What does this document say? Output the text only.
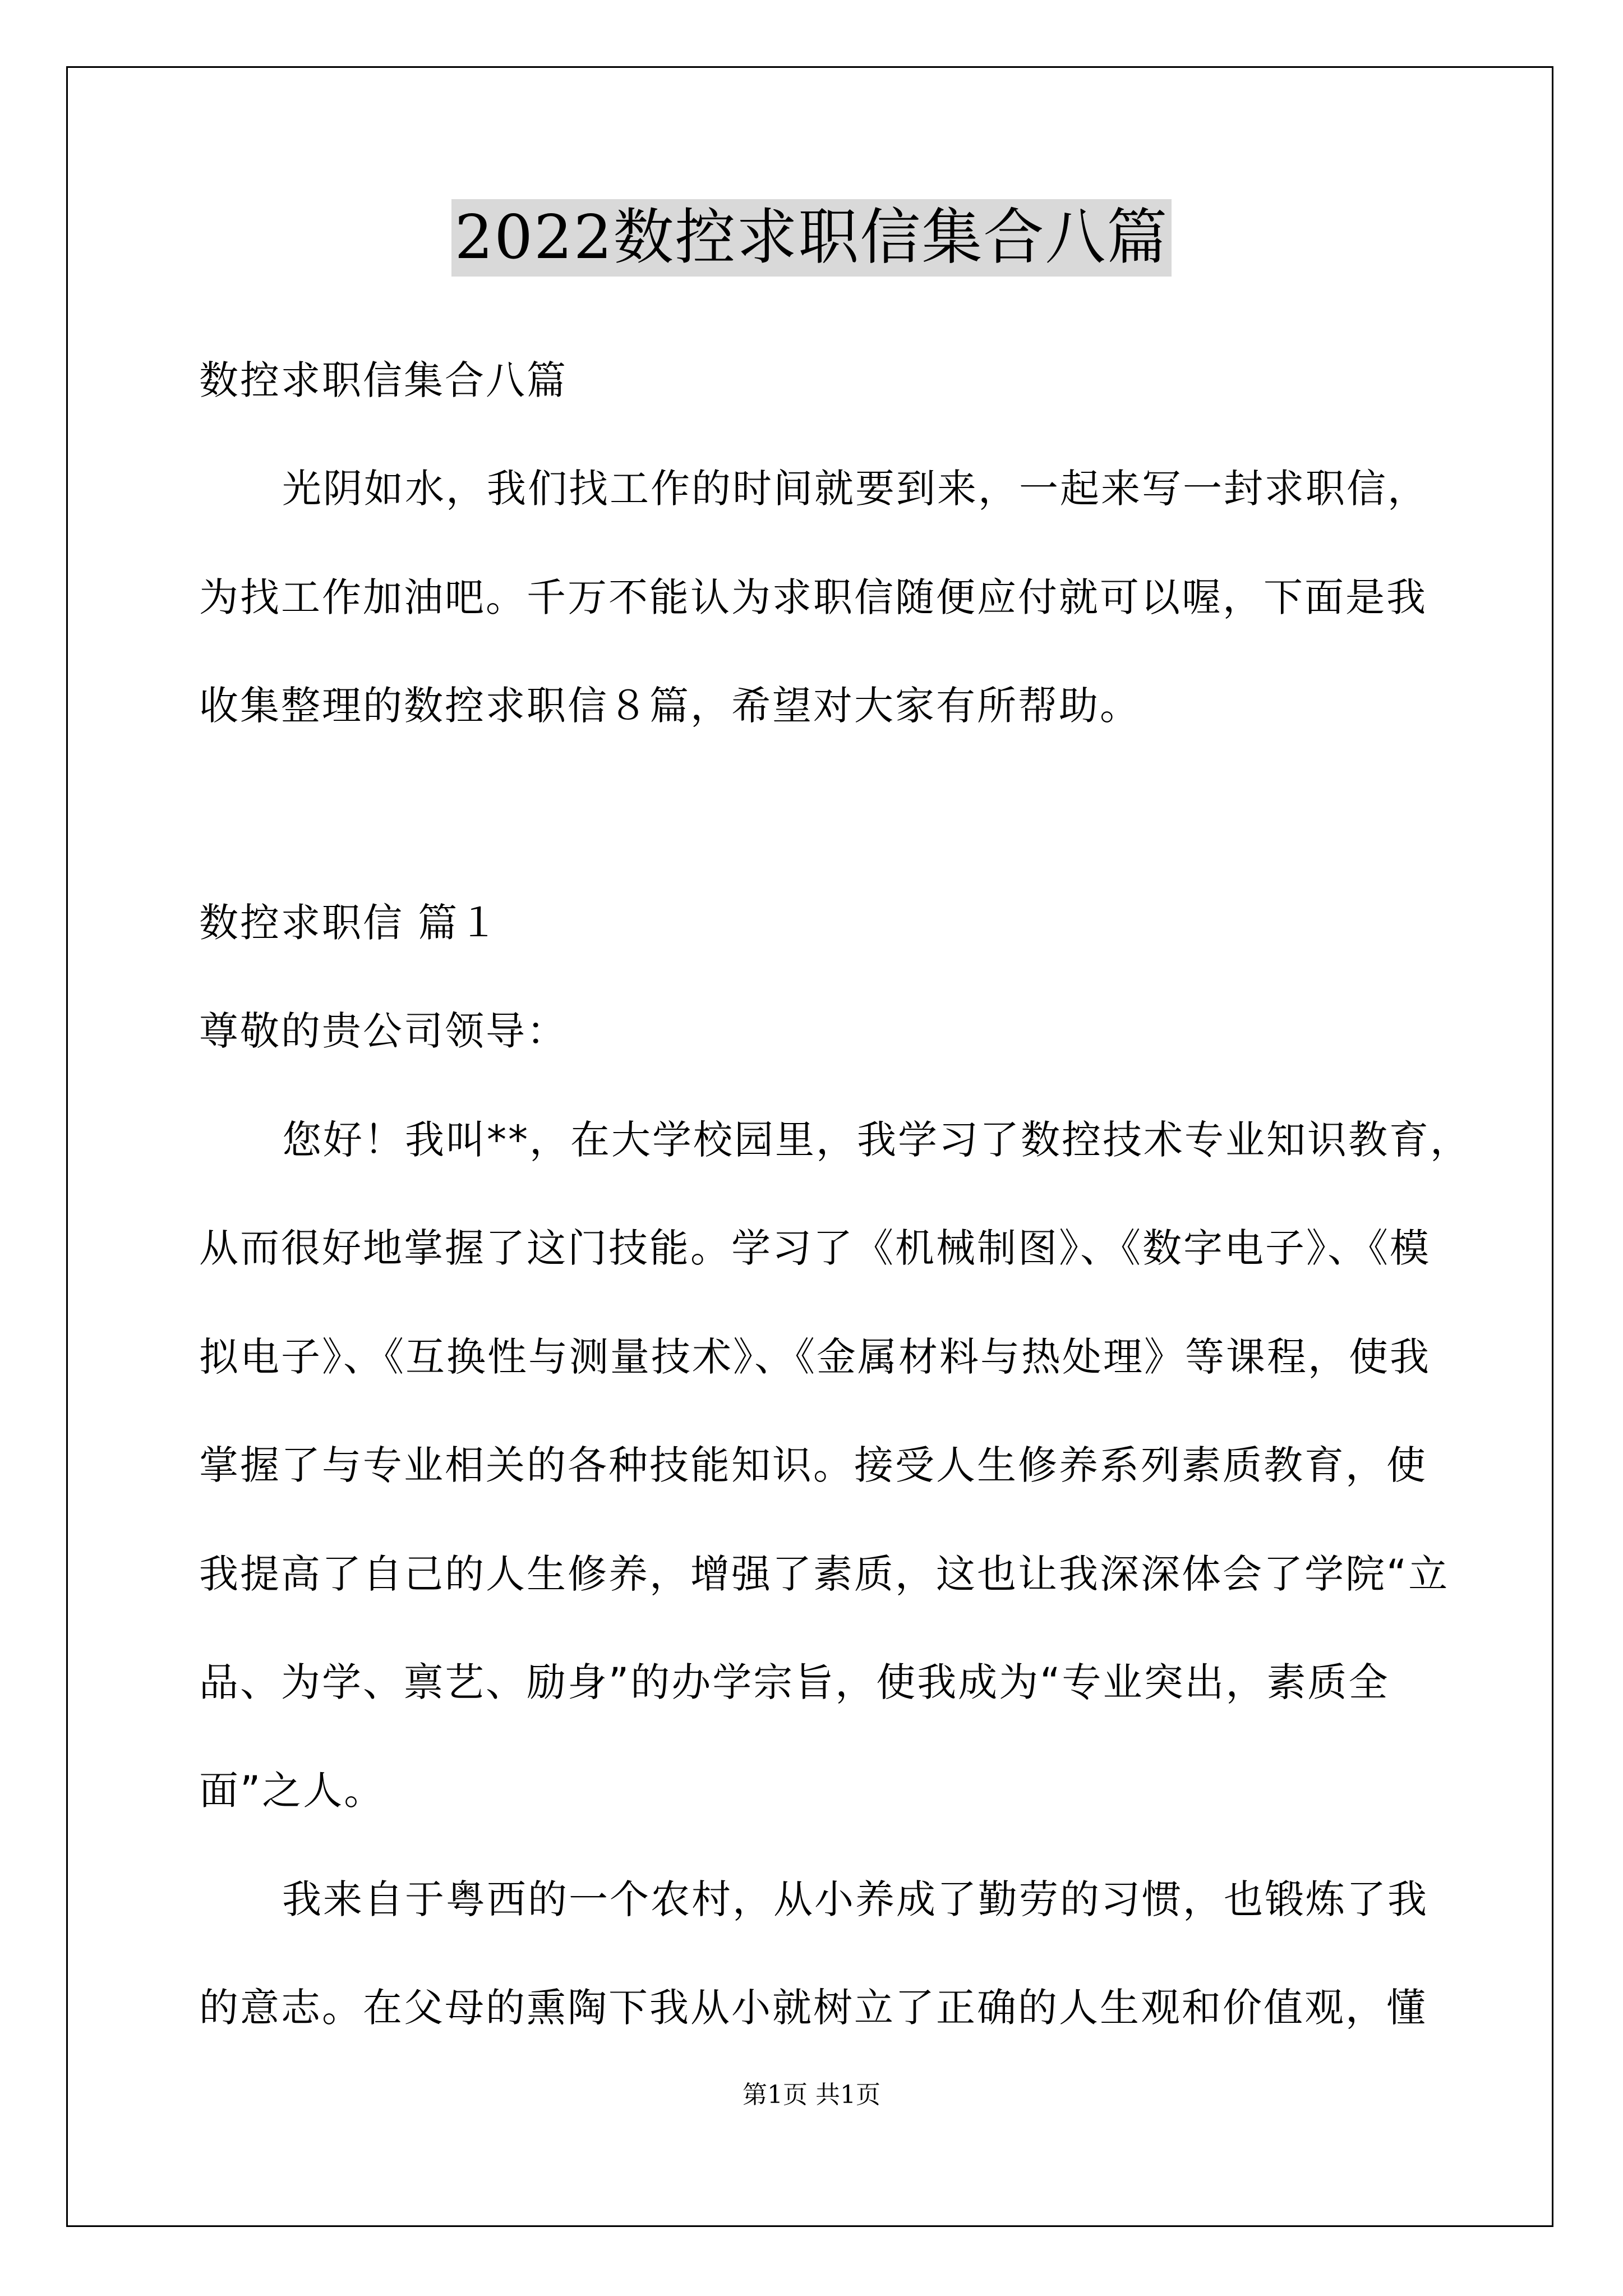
2022数控求职信集合八篇
数控求职信集合八篇
光阴如水，我们找工作的时间就要到来，一起来写一封求职信，
为找工作加油吧。千万不能认为求职信随便应付就可以喔，下面是我
收集整理的数控求职信８篇，希望对大家有所帮助。
数控求职信 篇１
尊敬的贵公司领导：
您好！我叫**，在大学校园里，我学习了数控技术专业知识教育，
从而很好地掌握了这门技能。学习了《机械制图》、《数字电子》、《模
拟电子》、《互换性与测量技术》、《金属材料与热处理》等课程，使我
掌握了与专业相关的各种技能知识。接受人生修养系列素质教育，使
我提高了自己的人生修养，增强了素质，这也让我深深体会了学院“立
品、为学、禀艺、励身”的办学宗旨，使我成为“专业突出，素质全
面”之人。
我来自于粤西的一个农村，从小养成了勤劳的习惯，也锻炼了我
的意志。在父母的熏陶下我从小就树立了正确的人生观和价值观，懂
第1页 共1页
